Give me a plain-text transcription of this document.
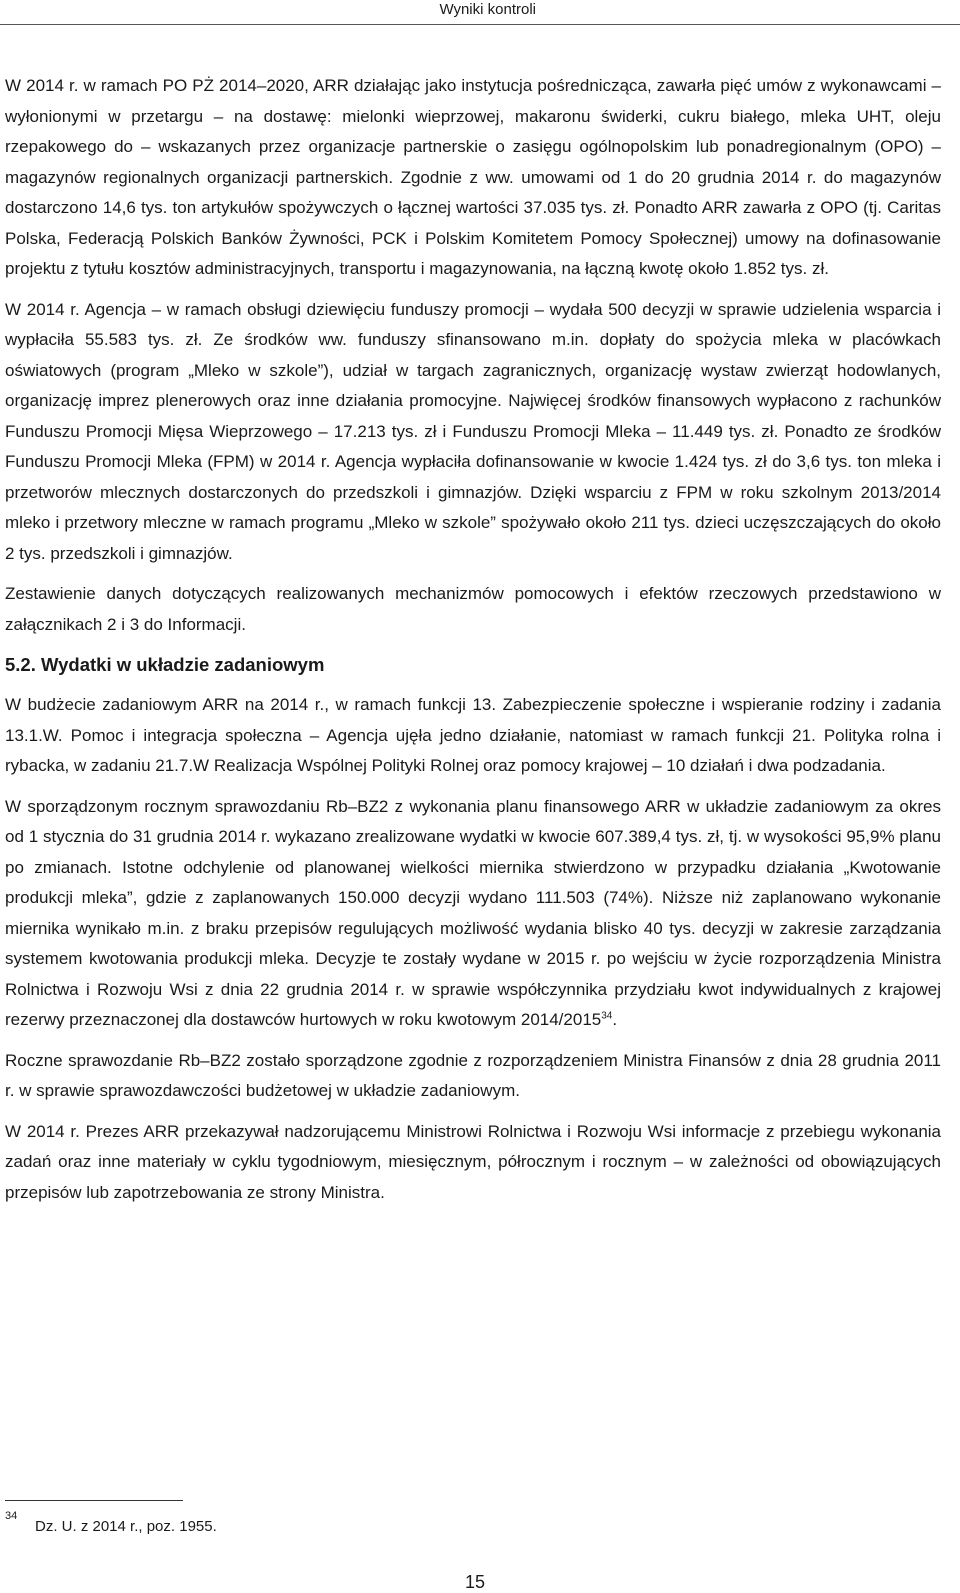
Wyniki kontroli

W 2014 r. w ramach PO PŻ 2014–2020, ARR działając jako instytucja pośrednicząca, zawarła pięć umów z wykonawcami – wyłonionymi w przetargu – na dostawę: mielonki wieprzowej, makaronu świderki, cukru białego, mleka UHT, oleju rzepakowego do – wskazanych przez organizacje partnerskie o zasięgu ogólnopolskim lub ponadregionalnym (OPO) – magazynów regionalnych organizacji partnerskich. Zgodnie z ww. umowami od 1 do 20 grudnia 2014 r. do magazynów dostarczono 14,6 tys. ton artykułów spożywczych o łącznej wartości 37.035 tys. zł. Ponadto ARR zawarła z OPO (tj. Caritas Polska, Federacją Polskich Banków Żywności, PCK i Polskim Komitetem Pomocy Społecznej) umowy na dofinasowanie projektu z tytułu kosztów administracyjnych, transportu i magazynowania, na łączną kwotę około 1.852 tys. zł.

W 2014 r. Agencja – w ramach obsługi dziewięciu funduszy promocji – wydała 500 decyzji w sprawie udzielenia wsparcia i wypłaciła 55.583 tys. zł. Ze środków ww. funduszy sfinansowano m.in. dopłaty do spożycia mleka w placówkach oświatowych (program „Mleko w szkole”), udział w targach zagranicznych, organizację wystaw zwierząt hodowlanych, organizację imprez plenerowych oraz inne działania promocyjne. Najwięcej środków finansowych wypłacono z rachunków Funduszu Promocji Mięsa Wieprzowego – 17.213 tys. zł i Funduszu Promocji Mleka – 11.449 tys. zł. Ponadto ze środków Funduszu Promocji Mleka (FPM) w 2014 r. Agencja wypłaciła dofinansowanie w kwocie 1.424 tys. zł do 3,6 tys. ton mleka i przetworów mlecznych dostarczonych do przedszkoli i gimnazjów. Dzięki wsparciu z FPM w roku szkolnym 2013/2014 mleko i przetwory mleczne w ramach programu „Mleko w szkole” spożywało około 211 tys. dzieci uczęszczających do około 2 tys. przedszkoli i gimnazjów.

Zestawienie danych dotyczących realizowanych mechanizmów pomocowych i efektów rzeczowych przedstawiono w załącznikach 2 i 3 do Informacji.

5.2. Wydatki w układzie zadaniowym

W budżecie zadaniowym ARR na 2014 r., w ramach funkcji 13. Zabezpieczenie społeczne i wspieranie rodziny i zadania 13.1.W. Pomoc i integracja społeczna – Agencja ujęła jedno działanie, natomiast w ramach funkcji 21. Polityka rolna i rybacka, w zadaniu 21.7.W Realizacja Wspólnej Polityki Rolnej oraz pomocy krajowej – 10 działań i dwa podzadania.

W sporządzonym rocznym sprawozdaniu Rb–BZ2 z wykonania planu finansowego ARR w układzie zadaniowym za okres od 1 stycznia do 31 grudnia 2014 r. wykazano zrealizowane wydatki w kwocie 607.389,4 tys. zł, tj. w wysokości 95,9% planu po zmianach. Istotne odchylenie od planowanej wielkości miernika stwierdzono w przypadku działania „Kwotowanie produkcji mleka”, gdzie z zaplanowanych 150.000 decyzji wydano 111.503 (74%). Niższe niż zaplanowano wykonanie miernika wynikało m.in. z braku przepisów regulujących możliwość wydania blisko 40 tys. decyzji w zakresie zarządzania systemem kwotowania produkcji mleka. Decyzje te zostały wydane w 2015 r. po wejściu w życie rozporządzenia Ministra Rolnictwa i Rozwoju Wsi z dnia 22 grudnia 2014 r. w sprawie współczynnika przydziału kwot indywidualnych z krajowej rezerwy przeznaczonej dla dostawców hurtowych w roku kwotowym 2014/2015$^{34}$.

Roczne sprawozdanie Rb–BZ2 zostało sporządzone zgodnie z rozporządzeniem Ministra Finansów z dnia 28 grudnia 2011 r. w sprawie sprawozdawczości budżetowej w układzie zadaniowym.

W 2014 r. Prezes ARR przekazywał nadzorującemu Ministrowi Rolnictwa i Rozwoju Wsi informacje z przebiegu wykonania zadań oraz inne materiały w cyklu tygodniowym, miesięcznym, półrocznym i rocznym – w zależności od obowiązujących przepisów lub zapotrzebowania ze strony Ministra.

34
Dz. U. z 2014 r., poz. 1955.
15
